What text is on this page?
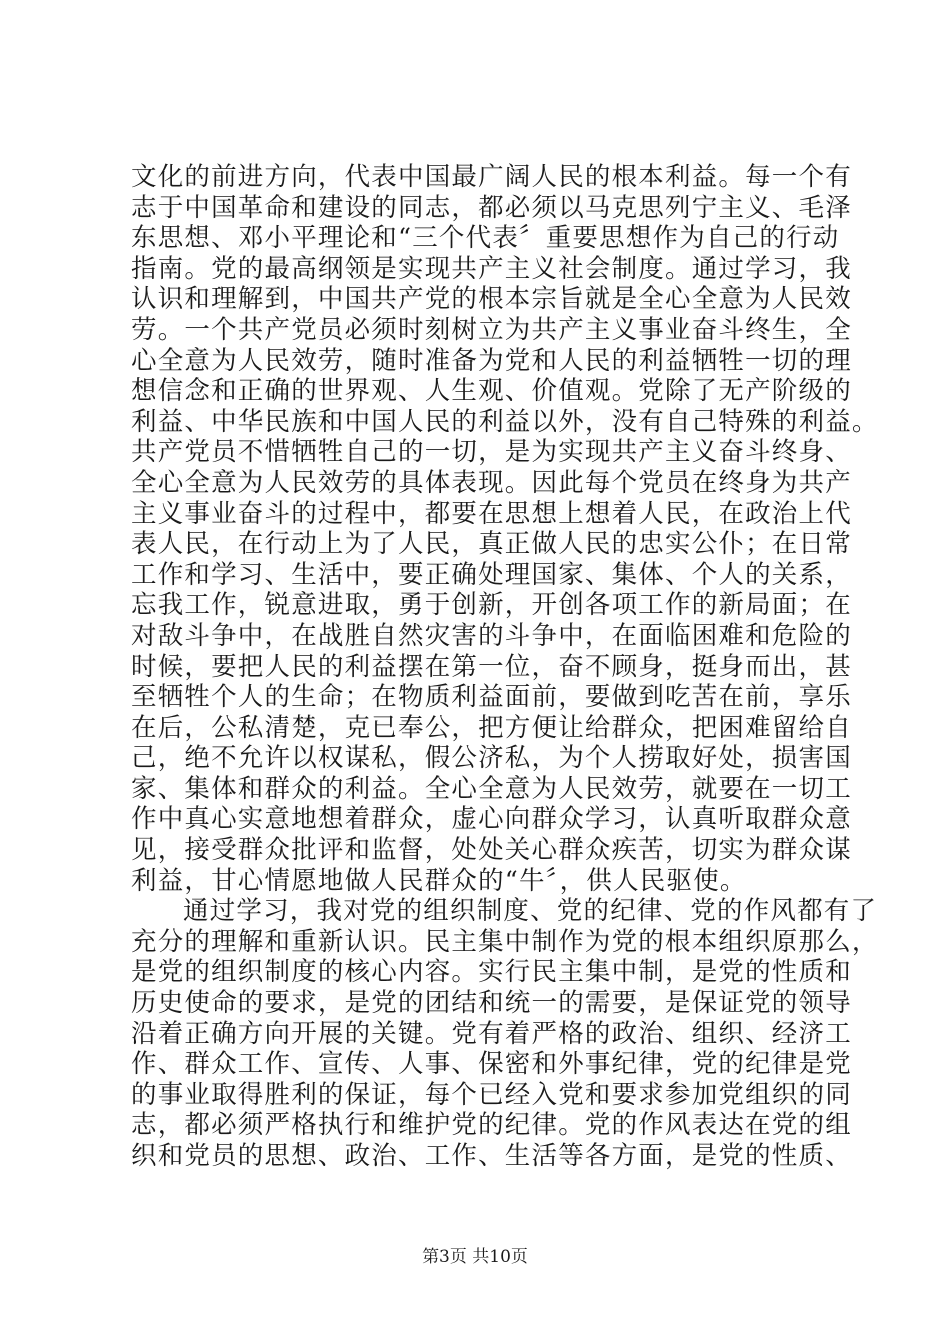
文化的前进方向，代表中国最广阔人民的根本利益。每一个有
志于中国革命和建设的同志，都必须以马克思列宁主义、毛泽
东思想、邓小平理论和“三个代表〞重要思想作为自己的行动
指南。党的最高纲领是实现共产主义社会制度。通过学习，我
认识和理解到，中国共产党的根本宗旨就是全心全意为人民效
劳。一个共产党员必须时刻树立为共产主义事业奋斗终生，全
心全意为人民效劳，随时准备为党和人民的利益牺牲一切的理
想信念和正确的世界观、人生观、价值观。党除了无产阶级的
利益、中华民族和中国人民的利益以外，没有自己特殊的利益。
共产党员不惜牺牲自己的一切，是为实现共产主义奋斗终身、
全心全意为人民效劳的具体表现。因此每个党员在终身为共产
主义事业奋斗的过程中，都要在思想上想着人民，在政治上代
表人民，在行动上为了人民，真正做人民的忠实公仆；在日常
工作和学习、生活中，要正确处理国家、集体、个人的关系，
忘我工作，锐意进取，勇于创新，开创各项工作的新局面；在
对敌斗争中，在战胜自然灾害的斗争中，在面临困难和危险的
时候，要把人民的利益摆在第一位，奋不顾身，挺身而出，甚
至牺牲个人的生命；在物质利益面前，要做到吃苦在前，享乐
在后，公私清楚，克已奉公，把方便让给群众，把困难留给自
己，绝不允许以权谋私，假公济私，为个人捞取好处，损害国
家、集体和群众的利益。全心全意为人民效劳，就要在一切工
作中真心实意地想着群众，虚心向群众学习，认真听取群众意
见，接受群众批评和监督，处处关心群众疾苦，切实为群众谋
利益，甘心情愿地做人民群众的“牛〞，供人民驱使。
通过学习，我对党的组织制度、党的纪律、党的作风都有了
充分的理解和重新认识。民主集中制作为党的根本组织原那么，
是党的组织制度的核心内容。实行民主集中制，是党的性质和
历史使命的要求，是党的团结和统一的需要，是保证党的领导
沿着正确方向开展的关键。党有着严格的政治、组织、经济工
作、群众工作、宣传、人事、保密和外事纪律，党的纪律是党
的事业取得胜利的保证，每个已经入党和要求参加党组织的同
志，都必须严格执行和维护党的纪律。党的作风表达在党的组
织和党员的思想、政治、工作、生活等各方面，是党的性质、
第3页 共10页
